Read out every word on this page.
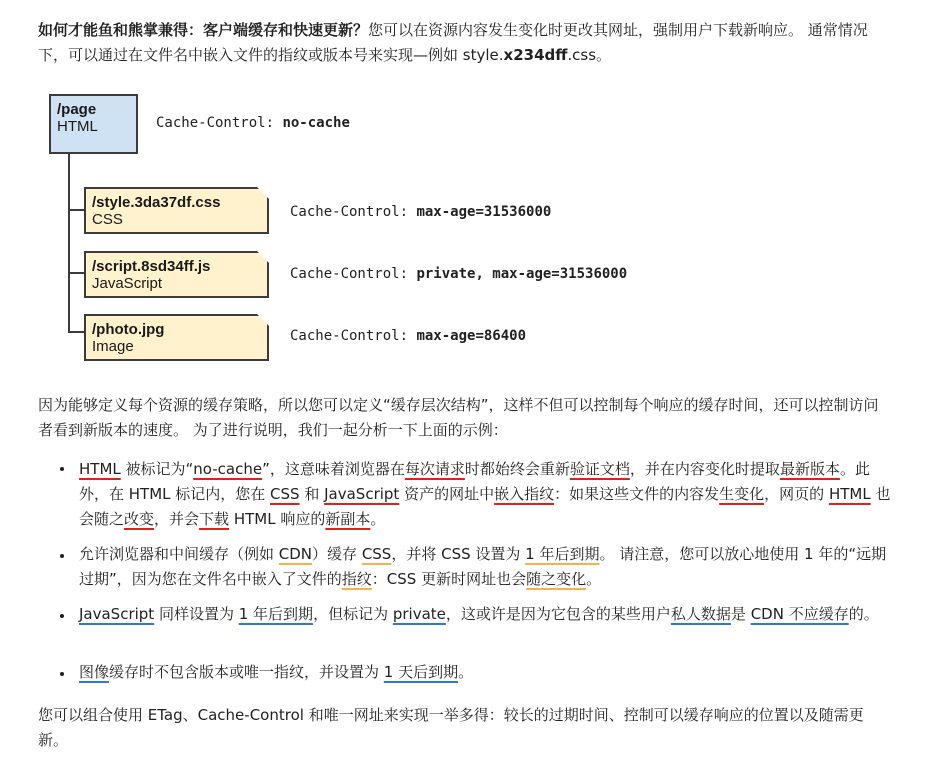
如何才能鱼和熊掌兼得：客户端缓存和快速更新？您可以在资源内容发生变化时更改其网址，强制用户下载新响应。 通常情况下，可以通过在文件名中嵌入文件的指纹或版本号来实现—例如 style.x234dff.css。

/page
HTML	Cache-Control: no-cache
/style.3da37df.css
CSS	Cache-Control: max-age=31536000
/script.8sd34ff.js
JavaScript
Cache-Control: private, max-age=31536000
/photo.jpg
Image
Cache-Control: max-age=86400

因为能够定义每个资源的缓存策略，所以您可以定义“缓存层次结构”，这样不但可以控制每个响应的缓存时间，还可以控制访问者看到新版本的速度。 为了进行说明，我们一起分析一下上面的示例：

HTML 被标记为“no-cache”，这意味着浏览器在每次请求时都始终会重新验证文档，并在内容变化时提取最新版本。此外，在 HTML 标记内，您在 CSS 和 JavaScript 资产的网址中嵌入指纹：如果这些文件的内容发生变化，网页的 HTML 也会随之改变，并会下载 HTML 响应的新副本。

允许浏览器和中间缓存（例如 CDN）缓存 CSS，并将 CSS 设置为 1 年后到期。 请注意，您可以放心地使用 1 年的“远期过期”，因为您在文件名中嵌入了文件的指纹：CSS 更新时网址也会随之变化。

JavaScript 同样设置为 1 年后到期，但标记为 private，这或许是因为它包含的某些用户私人数据是 CDN 不应缓存的。

图像缓存时不包含版本或唯一指纹，并设置为 1 天后到期。

您可以组合使用 ETag、Cache-Control 和唯一网址来实现一举多得：较长的过期时间、控制可以缓存响应的位置以及随需更新。
